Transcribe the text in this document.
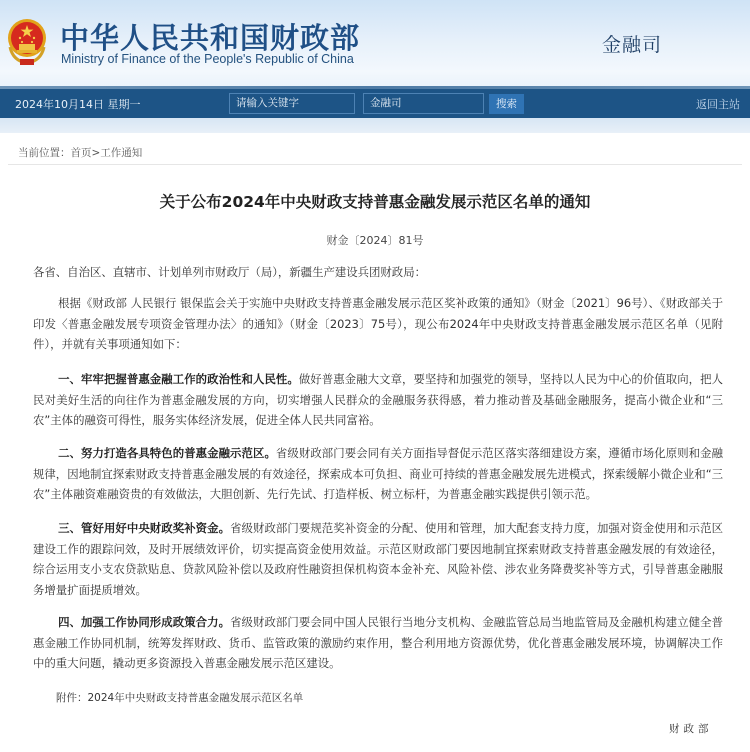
中华人民共和国财政部
Ministry of Finance of the People's Republic of China
金融司
2024年10月14日 星期一	请输入关键字	金融司	搜索	返回主站
当前位置：首页>工作通知
关于公布2024年中央财政支持普惠金融发展示范区名单的通知
财金〔2024〕81号

各省、自治区、直辖市、计划单列市财政厅（局），新疆生产建设兵团财政局：

根据《财政部 人民银行 银保监会关于实施中央财政支持普惠金融发展示范区奖补政策的通知》（财金〔2021〕96号）、《财政部关于印发〈普惠金融发展专项资金管理办法〉的通知》（财金〔2023〕75号），现公布2024年中央财政支持普惠金融发展示范区名单（见附件），并就有关事项通知如下：

一、牢牢把握普惠金融工作的政治性和人民性。做好普惠金融大文章，要坚持和加强党的领导，坚持以人民为中心的价值取向，把人民对美好生活的向往作为普惠金融发展的方向，切实增强人民群众的金融服务获得感，着力推动普及基础金融服务，提高小微企业和“三农”主体的融资可得性，服务实体经济发展，促进全体人民共同富裕。

二、努力打造各具特色的普惠金融示范区。省级财政部门要会同有关方面指导督促示范区落实落细建设方案，遵循市场化原则和金融规律，因地制宜探索财政支持普惠金融发展的有效途径，探索成本可负担、商业可持续的普惠金融发展先进模式，探索缓解小微企业和“三农”主体融资难融资贵的有效做法，大胆创新、先行先试、打造样板、树立标杆，为普惠金融实践提供引领示范。

三、管好用好中央财政奖补资金。省级财政部门要规范奖补资金的分配、使用和管理，加大配套支持力度，加强对资金使用和示范区建设工作的跟踪问效，及时开展绩效评价，切实提高资金使用效益。示范区财政部门要因地制宜探索财政支持普惠金融发展的有效途径，综合运用支小支农贷款贴息、贷款风险补偿以及政府性融资担保机构资本金补充、风险补偿、涉农业务降费奖补等方式，引导普惠金融服务增量扩面提质增效。

四、加强工作协同形成政策合力。省级财政部门要会同中国人民银行当地分支机构、金融监管总局当地监管局及金融机构建立健全普惠金融工作协同机制，统筹发挥财政、货币、监管政策的激励约束作用，整合利用地方资源优势，优化普惠金融发展环境，协调解决工作中的重大问题，撬动更多资源投入普惠金融发展示范区建设。

附件：2024年中央财政支持普惠金融发展示范区名单
财政部
